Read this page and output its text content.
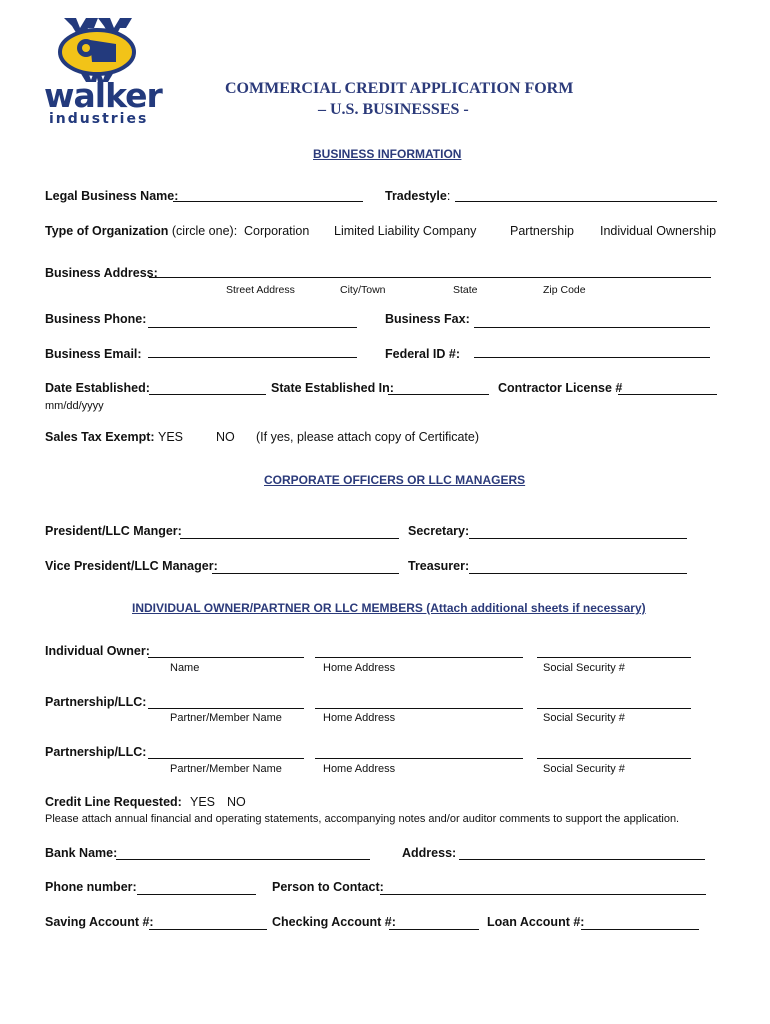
walker
industries
COMMERCIAL CREDIT APPLICATION FORM
– U.S. BUSINESSES -
BUSINESS INFORMATION
Legal Business Name:	Tradestyle:
Type of Organization (circle one): Corporation Limited Liability Company	Partnership Individual Ownership
Business Address:
Street Address	City/Town	State	Zip Code
Business Phone:	Business Fax:
Business Email:	Federal ID #:
Date Established:	State Established In:	Contractor License #
mm/dd/yyyy
Sales Tax Exempt: YES	NO (If yes, please attach copy of Certificate)
CORPORATE OFFICERS OR LLC MANAGERS
President/LLC Manger:	Secretary:
Vice President/LLC Manager:	Treasurer:
INDIVIDUAL OWNER/PARTNER OR LLC MEMBERS (Attach additional sheets if necessary)
Individual Owner:
Name	Home Address	Social Security #
Partnership/LLC:
Partner/Member Name	Home Address	Social Security #
Partnership/LLC:
Partner/Member Name	Home Address	Social Security #
Credit Line Requested: YES NO
Please attach annual financial and operating statements, accompanying notes and/or auditor comments to support the application.
Bank Name:	Address:
Phone number:	Person to Contact:
Saving Account #:	Checking Account #:	Loan Account #:
